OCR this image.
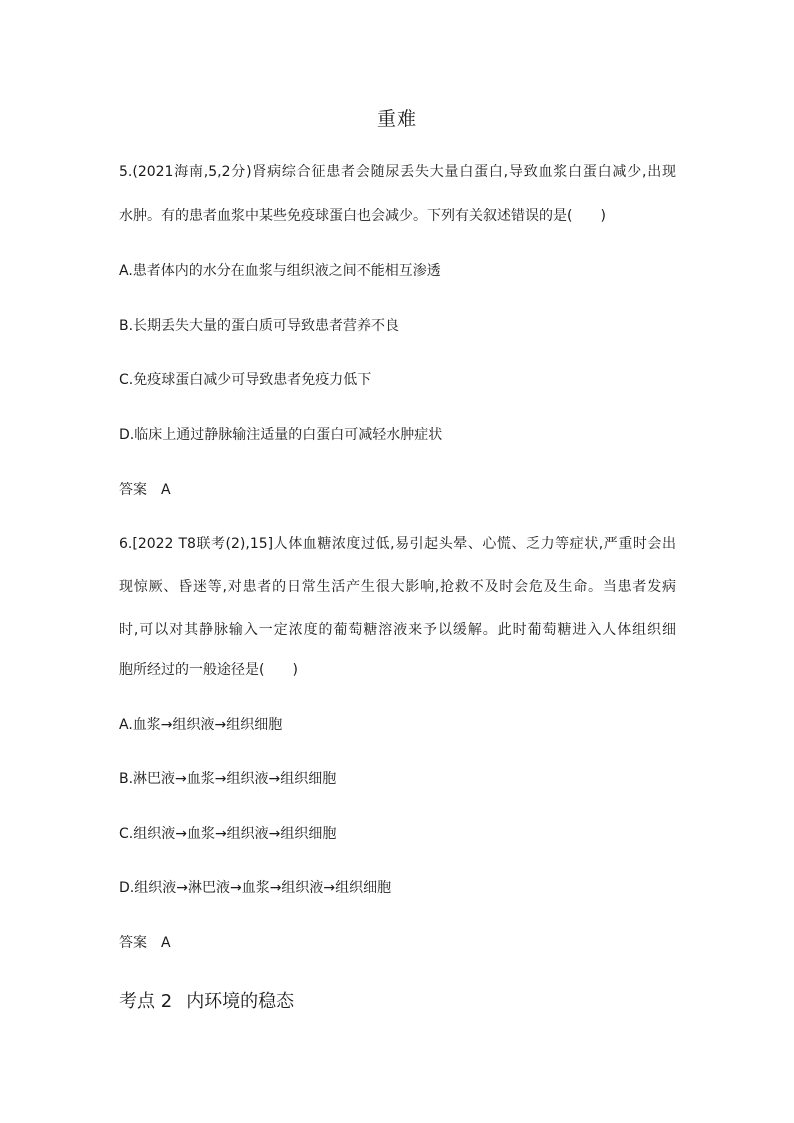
重难
5.(2021海南,5,2分)肾病综合征患者会随尿丢失大量白蛋白,导致血浆白蛋白减少,出现
水肿。有的患者血浆中某些免疫球蛋白也会减少。下列有关叙述错误的是(　　)
A.患者体内的水分在血浆与组织液之间不能相互渗透
B.长期丢失大量的蛋白质可导致患者营养不良
C.免疫球蛋白减少可导致患者免疫力低下
D.临床上通过静脉输注适量的白蛋白可减轻水肿症状
答案 A
6.[2022 T8联考(2),15]人体血糖浓度过低,易引起头晕、心慌、乏力等症状,严重时会出
现惊厥、昏迷等,对患者的日常生活产生很大影响,抢救不及时会危及生命。当患者发病
时,可以对其静脉输入一定浓度的葡萄糖溶液来予以缓解。此时葡萄糖进入人体组织细
胞所经过的一般途径是(　　)
A.血浆→组织液→组织细胞
B.淋巴液→血浆→组织液→组织细胞
C.组织液→血浆→组织液→组织细胞
D.组织液→淋巴液→血浆→组织液→组织细胞
答案 A
考点 2 内环境的稳态
